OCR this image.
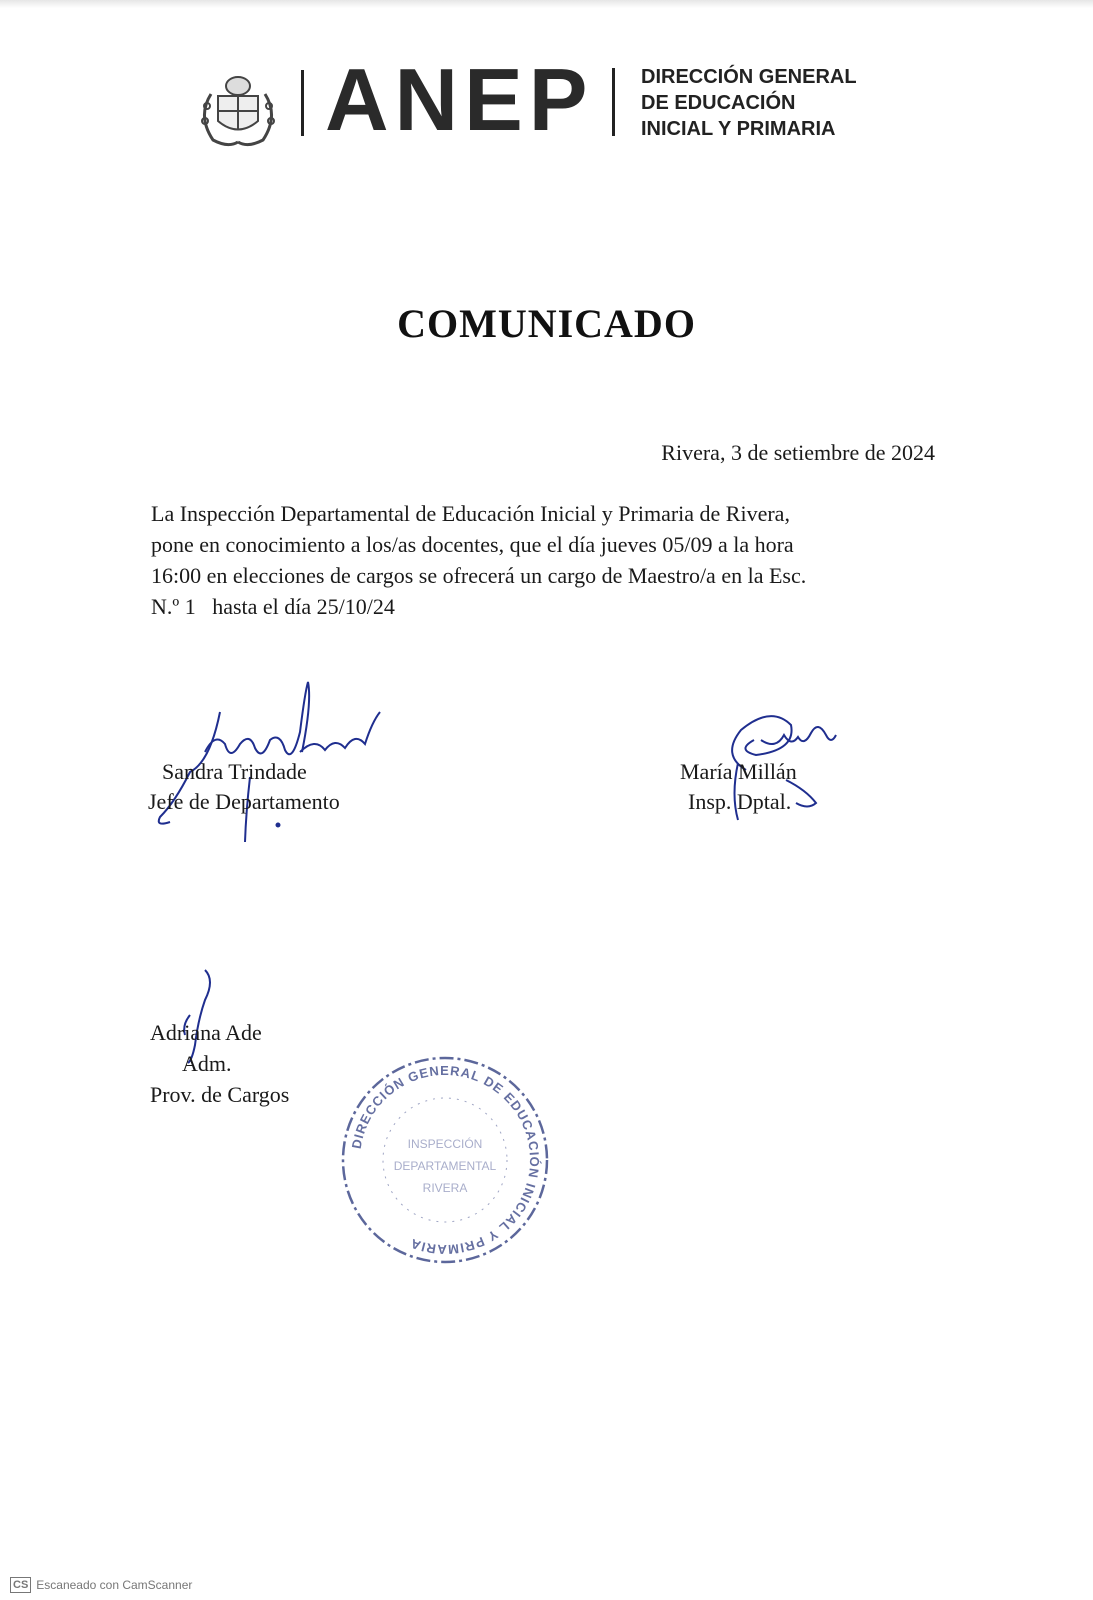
ANEP DIRECCIÓN GENERAL
DE EDUCACIÓN
INICIAL Y PRIMARIA
COMUNICADO
Rivera, 3 de setiembre de 2024
La Inspección Departamental de Educación Inicial y Primaria de Rivera,
pone en conocimiento a los/as docentes, que el día jueves 05/09 a la hora
16:00 en elecciones de cargos se ofrecerá un cargo de Maestro/a en la Esc.
N.º 1   hasta el día 25/10/24
Sandra Trindade
Jefe de Departamento
María Millán
Insp. Dptal.
Adriana Ade
Adm.
Prov. de Cargos
DIRECCIÓN GENERAL DE EDUCACIÓN INICIAL Y PRIMARIA
INSPECCIÓN
DEPARTAMENTAL
RIVERA
CS Escaneado con CamScanner
